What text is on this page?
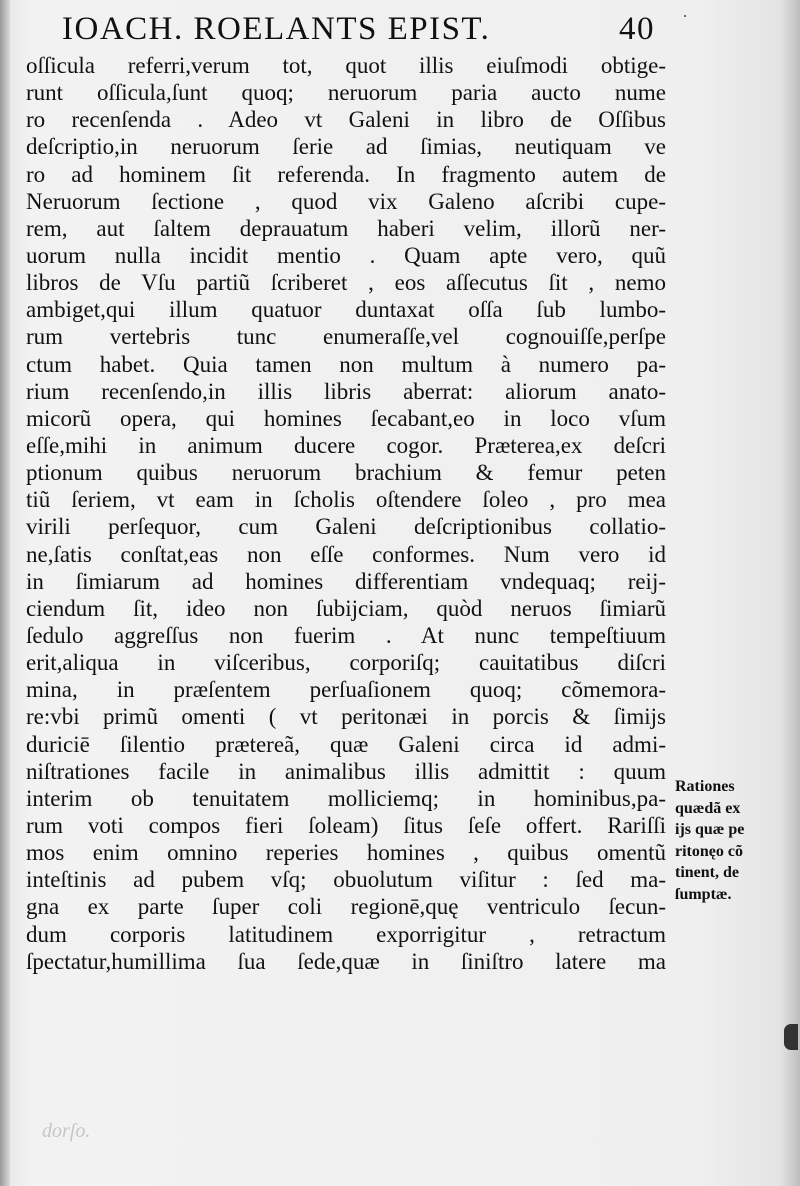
·
IOACH. ROELANTS EPIST.	40
oſſicula referri,verum tot, quot illis eiuſmodi obtige-
runt oſſicula,ſunt quoq; neruorum paria aucto nume
ro recenſenda . Adeo vt Galeni in libro de Oſſibus
deſcriptio,in neruorum ſerie ad ſimias, neutiquam ve
ro ad hominem ſit referenda. In fragmento autem de
Neruorum ſectione , quod vix Galeno aſcribi cupe-
rem, aut ſaltem deprauatum haberi velim, illorũ ner-
uorum nulla incidit mentio . Quam apte vero, quũ
libros de Vſu partiũ ſcriberet , eos aſſecutus ſit , nemo
ambiget,qui illum quatuor duntaxat oſſa ſub lumbo-
rum vertebris tunc enumeraſſe,vel cognouiſſe,perſpe
ctum habet. Quia tamen non multum à numero pa-
rium recenſendo,in illis libris aberrat: aliorum anato-
micorũ opera, qui homines ſecabant,eo in loco vſum
eſſe,mihi in animum ducere cogor. Præterea,ex deſcri
ptionum quibus neruorum brachium & femur peten
tiũ ſeriem, vt eam in ſcholis oſtendere ſoleo , pro mea
virili perſequor, cum Galeni deſcriptionibus collatio-
ne,ſatis conſtat,eas non eſſe conformes. Num vero id
in ſimiarum ad homines differentiam vndequaq; reij-
ciendum ſit, ideo non ſubijciam, quòd neruos ſimiarũ
ſedulo aggreſſus non fuerim . At nunc tempeſtiuum
erit,aliqua in viſceribus, corporiſq; cauitatibus diſcri
mina, in præſentem perſuaſionem quoq; cõmemora-
re:vbi primũ omenti ( vt peritonæi in porcis & ſimijs
duriciē ſilentio prætereã, quæ Galeni circa id admi-
niſtrationes facile in animalibus illis admittit : quum
interim ob tenuitatem molliciemq; in hominibus,pa-
rum voti compos fieri ſoleam) ſitus ſeſe offert. Rariſſi
mos enim omnino reperies homines , quibus omentũ
inteſtinis ad pubem vſq; obuolutum viſitur : ſed ma-
gna ex parte ſuper coli regionē,quę ventriculo ſecun-
dum corporis latitudinem exporrigitur , retractum
ſpectatur,humillima ſua ſede,quæ in ſiniſtro latere ma
Rationes
quædã ex
ijs quæ pe
ritonęo cõ
tinent, de
ſumptæ.
dorſo.
